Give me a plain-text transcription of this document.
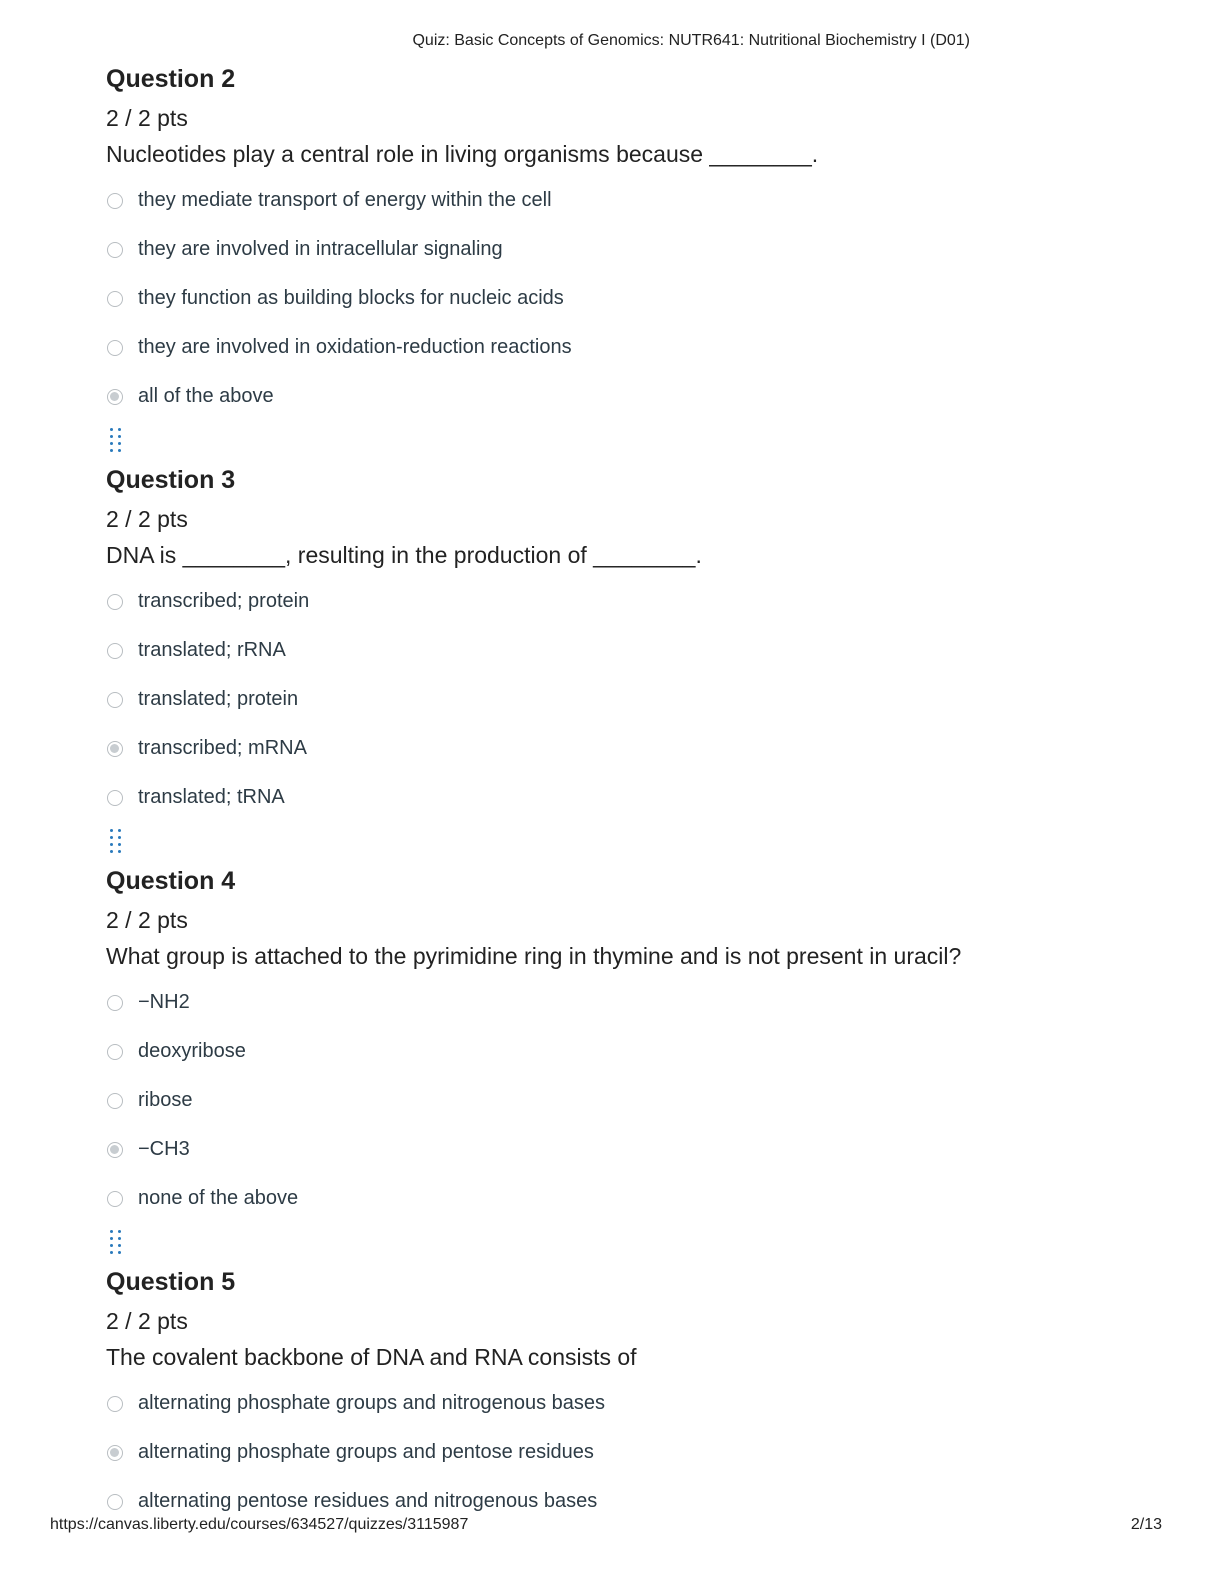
Quiz: Basic Concepts of Genomics: NUTR641: Nutritional Biochemistry I (D01)
Question 2
2 / 2 pts
Nucleotides play a central role in living organisms because ________.
they mediate transport of energy within the cell
they are involved in intracellular signaling
they function as building blocks for nucleic acids
they are involved in oxidation-reduction reactions
all of the above
Question 3
2 / 2 pts
DNA is ________, resulting in the production of ________.
transcribed; protein
translated; rRNA
translated; protein
transcribed; mRNA
translated; tRNA
Question 4
2 / 2 pts
What group is attached to the pyrimidine ring in thymine and is not present in uracil?
−NH2
deoxyribose
ribose
−CH3
none of the above
Question 5
2 / 2 pts
The covalent backbone of DNA and RNA consists of
alternating phosphate groups and nitrogenous bases
alternating phosphate groups and pentose residues
alternating pentose residues and nitrogenous bases
https://canvas.liberty.edu/courses/634527/quizzes/3115987	2/13
